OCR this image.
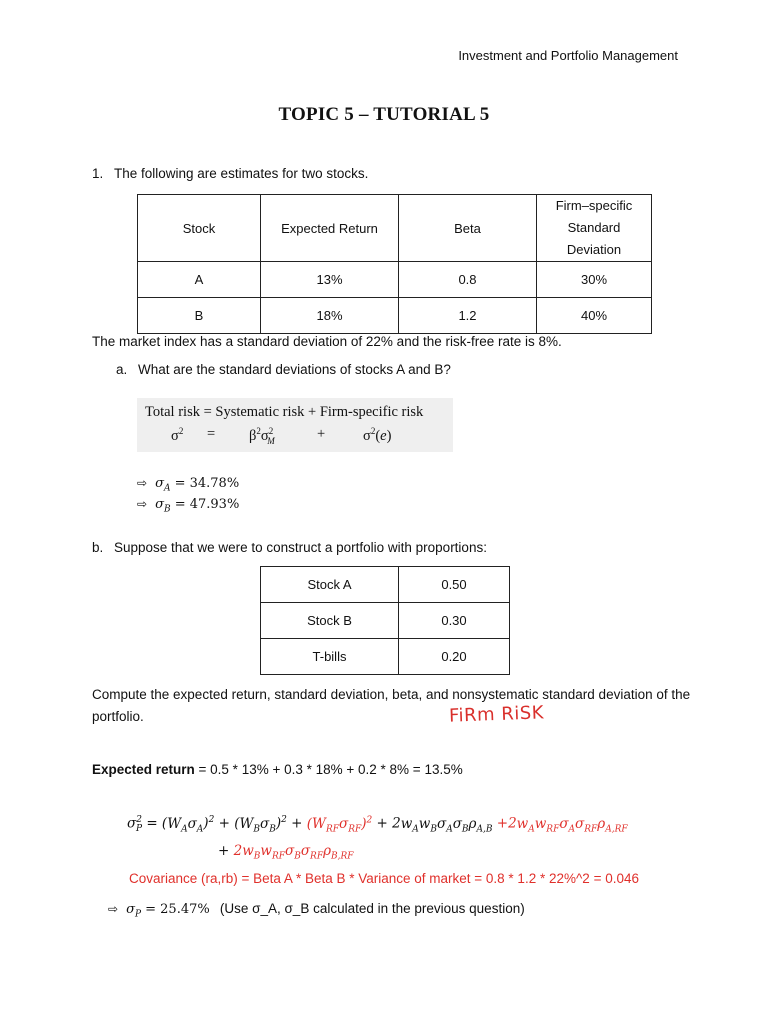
Investment and Portfolio Management
TOPIC 5 – TUTORIAL 5
1. The following are estimates for two stocks.
Stock	Expected Return	Beta	Firm–specific
Standard Deviation
A	13%	0.8	30%
B	18%	1.2	40%
The market index has a standard deviation of 22% and the risk-free rate is 8%.
a. What are the standard deviations of stocks A and B?
Total risk = Systematic risk + Firm-specific risk
$\sigma^2 = \beta^2\sigma^2_M$	+	$\sigma^2(e)$
⇨ $\sigma_A = 34.78\%$
⇨ $\sigma_B = 47.93\%$
b. Suppose that we were to construct a portfolio with proportions:
Stock A	0.50
Stock B	0.30
T-bills	0.20
Compute the expected return, standard deviation, beta, and nonsystematic standard deviation of the portfolio.	FiRm RiSK
Expected return = 0.5 * 13% + 0.3 * 18% + 0.2 * 8% = 13.5%
$\sigma^2_P = (W_A\sigma_A)^2 + (W_B\sigma_B)^2 + (W_{RF}\sigma_{RF})^2 + 2w_Aw_B\sigma_A\sigma_B\rho_{A,B} +2w_Aw_{RF}\sigma_A\sigma_{RF}\rho_{A,RF}$
+ $2w_Bw_{RF}\sigma_B\sigma_{RF}\rho_{B,RF}$
Covariance (ra,rb) = Beta A * Beta B * Variance of market = 0.8 * 1.2 * 22%^2 = 0.046
⇨ $\sigma_P = 25.47\%$ (Use σ_A, σ_B calculated in the previous question)
